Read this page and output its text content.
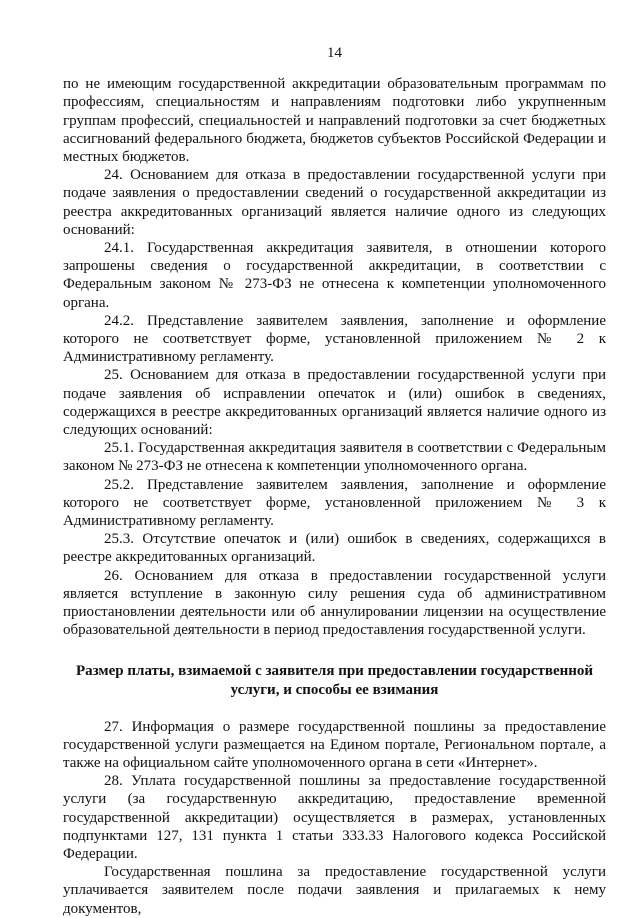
14

по не имеющим государственной аккредитации образовательным программам по профессиям, специальностям и направлениям подготовки либо укрупненным группам профессий, специальностей и направлений подготовки за счет бюджетных ассигнований федерального бюджета, бюджетов субъектов Российской Федерации и местных бюджетов.

24. Основанием для отказа в предоставлении государственной услуги при подаче заявления о предоставлении сведений о государственной аккредитации из реестра аккредитованных организаций является наличие одного из следующих оснований:

24.1. Государственная аккредитация заявителя, в отношении которого запрошены сведения о государственной аккредитации, в соответствии с Федеральным законом № 273-ФЗ не отнесена к компетенции уполномоченного органа.

24.2. Представление заявителем заявления, заполнение и оформление которого не соответствует форме, установленной приложением № 2 к Административному регламенту.

25. Основанием для отказа в предоставлении государственной услуги при подаче заявления об исправлении опечаток и (или) ошибок в сведениях, содержащихся в реестре аккредитованных организаций является наличие одного из следующих оснований:

25.1. Государственная аккредитация заявителя в соответствии с Федеральным законом № 273-ФЗ не отнесена к компетенции уполномоченного органа.

25.2. Представление заявителем заявления, заполнение и оформление которого не соответствует форме, установленной приложением № 3 к Административному регламенту.

25.3. Отсутствие опечаток и (или) ошибок в сведениях, содержащихся в реестре аккредитованных организаций.

26. Основанием для отказа в предоставлении государственной услуги является вступление в законную силу решения суда об административном приостановлении деятельности или об аннулировании лицензии на осуществление образовательной деятельности в период предоставления государственной услуги.

Размер платы, взимаемой с заявителя при предоставлении государственной услуги, и способы ее взимания

27. Информация о размере государственной пошлины за предоставление государственной услуги размещается на Едином портале, Региональном портале, а также на официальном сайте уполномоченного органа в сети «Интернет».

28. Уплата государственной пошлины за предоставление государственной услуги (за государственную аккредитацию, предоставление временной государственной аккредитации) осуществляется в размерах, установленных подпунктами 127, 131 пункта 1 статьи 333.33 Налогового кодекса Российской Федерации.

Государственная пошлина за предоставление государственной услуги уплачивается заявителем после подачи заявления и прилагаемых к нему документов,
